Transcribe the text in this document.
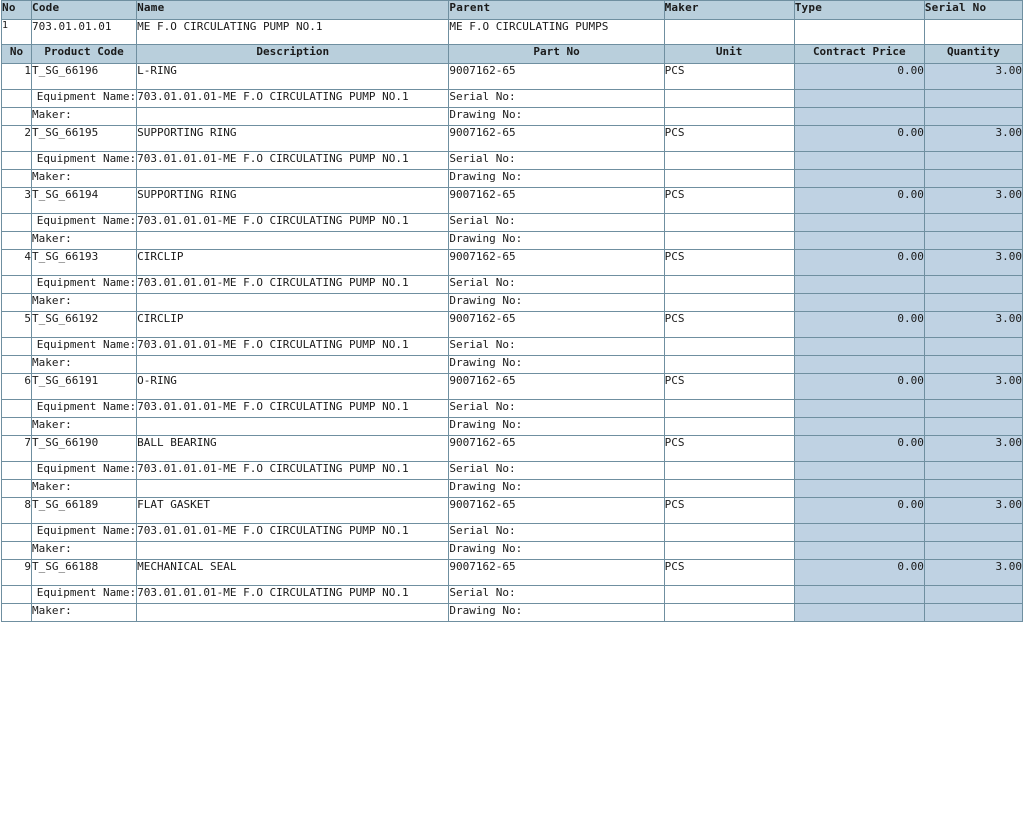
No	Code	Name	Parent	Maker	Type	Serial No
1	703.01.01.01	ME F.O CIRCULATING PUMP NO.1	ME F.O CIRCULATING PUMPS			
No	Product Code	Description	Part No	Unit	Contract Price	Quantity
1	T_SG_66196	L-RING	9007162-65	PCS	0.00	3.00
	Equipment Name:	703.01.01.01-ME F.O CIRCULATING PUMP NO.1	Serial No:			
	Maker:		Drawing No:			
2	T_SG_66195	SUPPORTING RING	9007162-65	PCS	0.00	3.00
	Equipment Name:	703.01.01.01-ME F.O CIRCULATING PUMP NO.1	Serial No:			
	Maker:		Drawing No:			
3	T_SG_66194	SUPPORTING RING	9007162-65	PCS	0.00	3.00
	Equipment Name:	703.01.01.01-ME F.O CIRCULATING PUMP NO.1	Serial No:			
	Maker:		Drawing No:			
4	T_SG_66193	CIRCLIP	9007162-65	PCS	0.00	3.00
	Equipment Name:	703.01.01.01-ME F.O CIRCULATING PUMP NO.1	Serial No:			
	Maker:		Drawing No:			
5	T_SG_66192	CIRCLIP	9007162-65	PCS	0.00	3.00
	Equipment Name:	703.01.01.01-ME F.O CIRCULATING PUMP NO.1	Serial No:			
	Maker:		Drawing No:			
6	T_SG_66191	O-RING	9007162-65	PCS	0.00	3.00
	Equipment Name:	703.01.01.01-ME F.O CIRCULATING PUMP NO.1	Serial No:			
	Maker:		Drawing No:			
7	T_SG_66190	BALL BEARING	9007162-65	PCS	0.00	3.00
	Equipment Name:	703.01.01.01-ME F.O CIRCULATING PUMP NO.1	Serial No:			
	Maker:		Drawing No:			
8	T_SG_66189	FLAT GASKET	9007162-65	PCS	0.00	3.00
	Equipment Name:	703.01.01.01-ME F.O CIRCULATING PUMP NO.1	Serial No:			
	Maker:		Drawing No:			
9	T_SG_66188	MECHANICAL SEAL	9007162-65	PCS	0.00	3.00
	Equipment Name:	703.01.01.01-ME F.O CIRCULATING PUMP NO.1	Serial No:			
	Maker:		Drawing No:			
